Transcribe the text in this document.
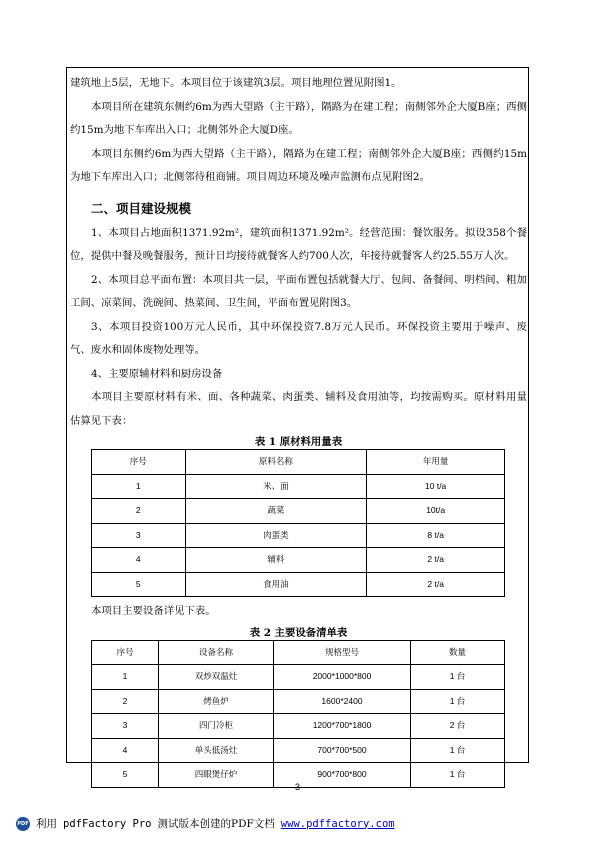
建筑地上5层，无地下。本项目位于该建筑3层。项目地理位置见附图1。

本项目所在建筑东侧约6m为西大望路（主干路），隔路为在建工程；南侧邻外企大厦B座；西侧约15m为地下车库出入口；北侧邻外企大厦D座。

本项目东侧约6m为西大望路（主干路），隔路为在建工程；南侧邻外企大厦B座；西侧约15m为地下车库出入口；北侧邻待租商铺。项目周边环境及噪声监测布点见附图2。

二、项目建设规模

1、本项目占地面积1371.92m²，建筑面积1371.92m²。经营范围：餐饮服务。拟设358个餐位，提供中餐及晚餐服务，预计日均接待就餐客人约700人次，年接待就餐客人约25.55万人次。

2、本项目总平面布置：本项目共一层，平面布置包括就餐大厅、包间、备餐间、明档间、粗加工间、凉菜间、洗碗间、热菜间、卫生间，平面布置见附图3。

3、本项目投资100万元人民币，其中环保投资7.8万元人民币。环保投资主要用于噪声、废气、废水和固体废物处理等。

4、主要原辅材料和厨房设备

本项目主要原材料有米、面、各种蔬菜、肉蛋类、辅料及食用油等，均按需购买。原材料用量估算见下表：

表 1 原材料用量表
序号	原料名称	年用量
1	米、面	10 t/a
2	蔬菜	10t/a
3	肉蛋类	8 t/a
4	辅料	2 t/a
5	食用油	2 t/a

本项目主要设备详见下表。

表 2 主要设备清单表
序号	设备名称	规格型号	数量
1	双炒双温灶	2000*1000*800	1 台
2	烤鱼炉	1600*2400	1 台
3	四门冷柜	1200*700*1800	2 台
4	单头低汤灶	700*700*500	1 台
5	四眼煲仔炉	900*700*800	1 台
3
PDF 利用 pdfFactory Pro 测试版本创建的PDF文档 www.pdffactory.com
